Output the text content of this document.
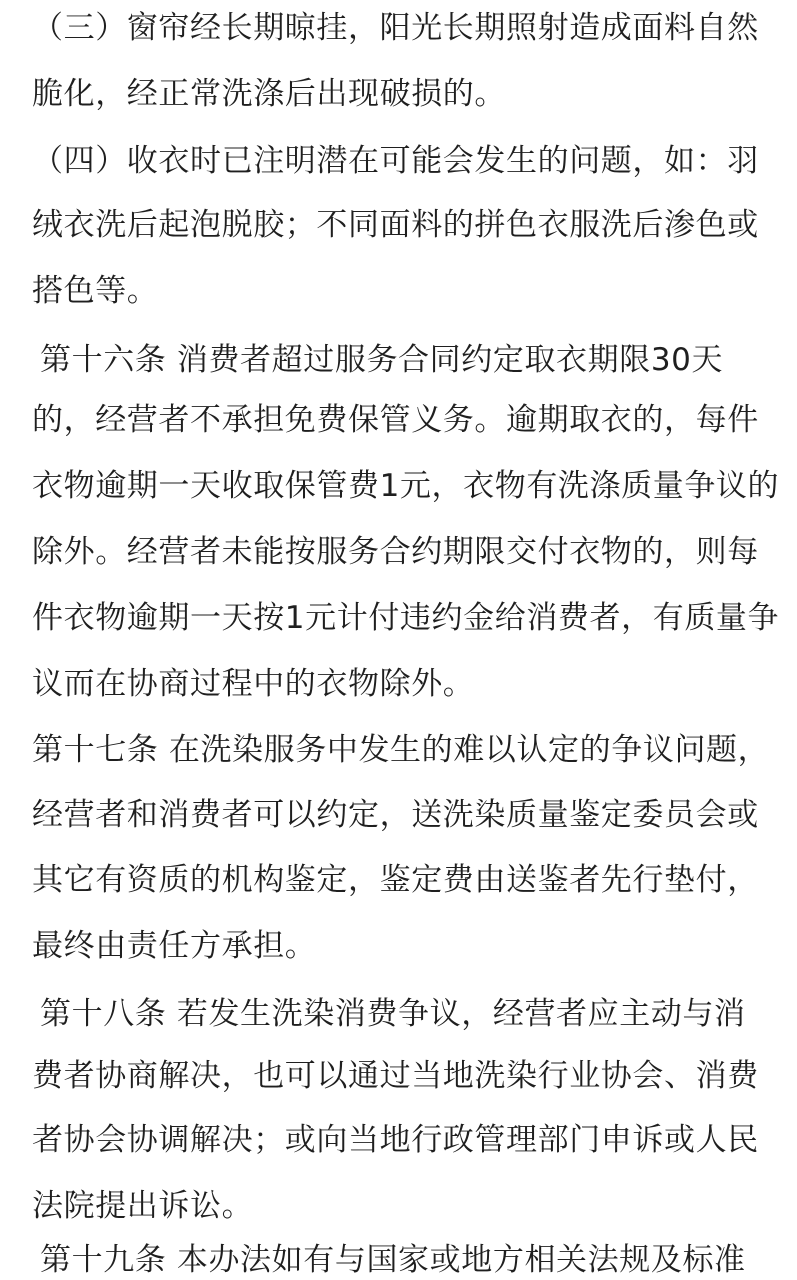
（三）窗帘经长期晾挂，阳光长期照射造成面料自然
脆化，经正常洗涤后出现破损的。
（四）收衣时已注明潜在可能会发生的问题，如：羽
绒衣洗后起泡脱胶；不同面料的拼色衣服洗后渗色或
搭色等。
第十六条 消费者超过服务合同约定取衣期限30天
的，经营者不承担免费保管义务。逾期取衣的，每件
衣物逾期一天收取保管费1元，衣物有洗涤质量争议的
除外。经营者未能按服务合约期限交付衣物的，则每
件衣物逾期一天按1元计付违约金给消费者，有质量争
议而在协商过程中的衣物除外。
第十七条 在洗染服务中发生的难以认定的争议问题，
经营者和消费者可以约定，送洗染质量鉴定委员会或
其它有资质的机构鉴定，鉴定费由送鉴者先行垫付，
最终由责任方承担。
第十八条 若发生洗染消费争议，经营者应主动与消
费者协商解决，也可以通过当地洗染行业协会、消费
者协会协调解决；或向当地行政管理部门申诉或人民
法院提出诉讼。
第十九条 本办法如有与国家或地方相关法规及标准
